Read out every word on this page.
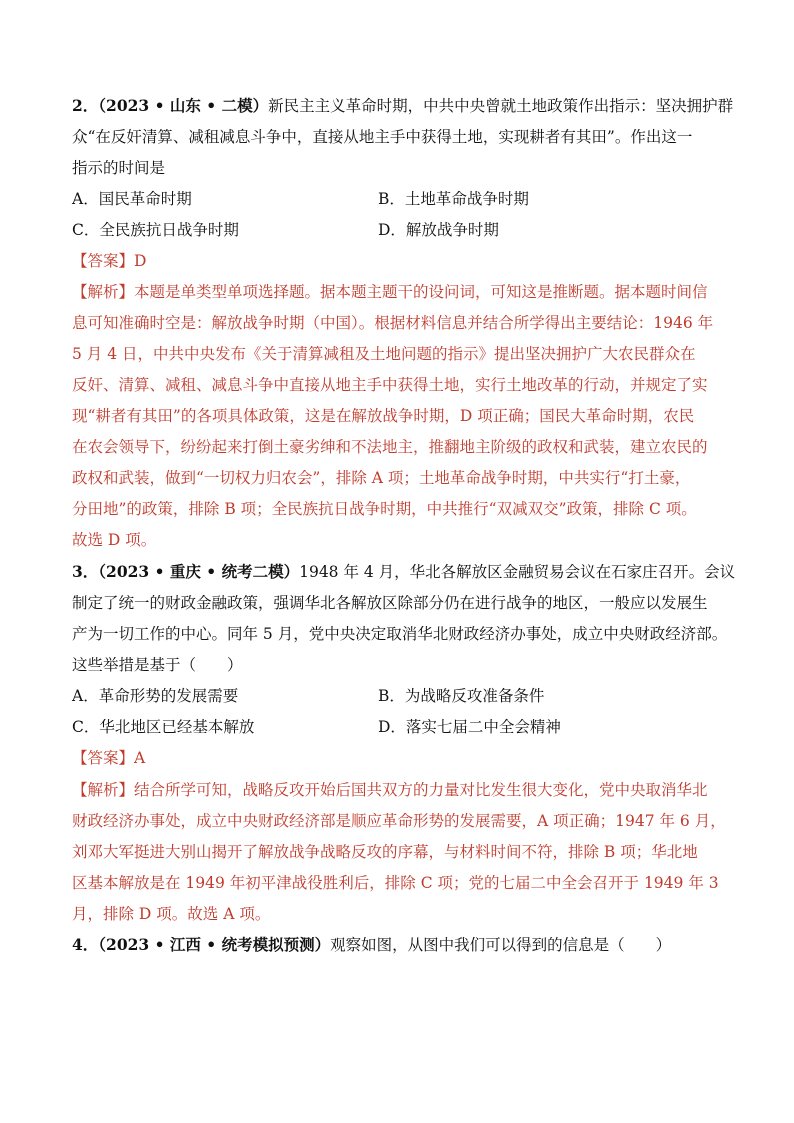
2．（2023 • 山东 • 二模）新民主主义革命时期，中共中央曾就土地政策作出指示：坚决拥护群
众“在反奸清算、减租减息斗争中，直接从地主手中获得土地，实现耕者有其田”。作出这一
指示的时间是
A．国民革命时期	B．土地革命战争时期
C．全民族抗日战争时期	D．解放战争时期
【答案】D
【解析】本题是单类型单项选择题。据本题主题干的设问词，可知这是推断题。据本题时间信
息可知准确时空是：解放战争时期（中国）。根据材料信息并结合所学得出主要结论：1946 年
5 月 4 日，中共中央发布《关于清算减租及土地问题的指示》提出坚决拥护广大农民群众在
反奸、清算、减租、减息斗争中直接从地主手中获得土地，实行土地改革的行动，并规定了实
现“耕者有其田”的各项具体政策，这是在解放战争时期，D 项正确；国民大革命时期，农民
在农会领导下，纷纷起来打倒土豪劣绅和不法地主，推翻地主阶级的政权和武装，建立农民的
政权和武装，做到“一切权力归农会”，排除 A 项；土地革命战争时期，中共实行“打土豪，
分田地”的政策，排除 B 项；全民族抗日战争时期，中共推行“双减双交”政策，排除 C 项。
故选 D 项。
3．（2023 • 重庆 • 统考二模）1948 年 4 月，华北各解放区金融贸易会议在石家庄召开。会议
制定了统一的财政金融政策，强调华北各解放区除部分仍在进行战争的地区，一般应以发展生
产为一切工作的中心。同年 5 月，党中央决定取消华北财政经济办事处，成立中央财政经济部。
这些举措是基于（　　）
A．革命形势的发展需要	B．为战略反攻准备条件
C．华北地区已经基本解放	D．落实七届二中全会精神
【答案】A
【解析】结合所学可知，战略反攻开始后国共双方的力量对比发生很大变化，党中央取消华北
财政经济办事处，成立中央财政经济部是顺应革命形势的发展需要，A 项正确；1947 年 6 月，
刘邓大军挺进大别山揭开了解放战争战略反攻的序幕，与材料时间不符，排除 B 项；华北地
区基本解放是在 1949 年初平津战役胜利后，排除 C 项；党的七届二中全会召开于 1949 年 3
月，排除 D 项。故选 A 项。
4．（2023 • 江西 • 统考模拟预测）观察如图，从图中我们可以得到的信息是（　　）
